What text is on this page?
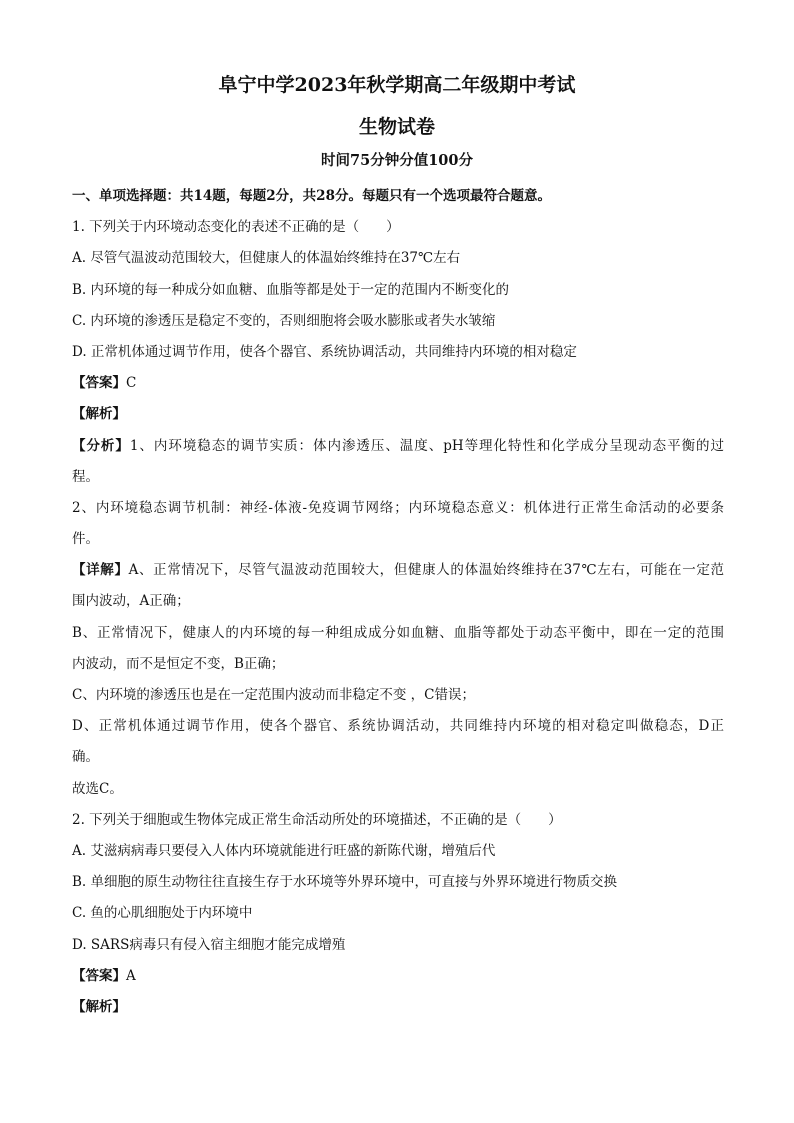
阜宁中学2023年秋学期高二年级期中考试
生物试卷
时间75分钟分值100分
一、单项选择题：共14题，每题2分，共28分。每题只有一个选项最符合题意。
1. 下列关于内环境动态变化的表述不正确的是（　　）
A. 尽管气温波动范围较大，但健康人的体温始终维持在37℃左右
B. 内环境的每一种成分如血糖、血脂等都是处于一定的范围内不断变化的
C. 内环境的渗透压是稳定不变的，否则细胞将会吸水膨胀或者失水皱缩
D. 正常机体通过调节作用，使各个器官、系统协调活动，共同维持内环境的相对稳定
【答案】C
【解析】
【分析】1、内环境稳态的调节实质：体内渗透压、温度、pH等理化特性和化学成分呈现动态平衡的过
程。
2、内环境稳态调节机制：神经-体液-免疫调节网络；内环境稳态意义：机体进行正常生命活动的必要条
件。
【详解】A、正常情况下，尽管气温波动范围较大，但健康人的体温始终维持在37℃左右，可能在一定范
围内波动，A正确；
B、正常情况下，健康人的内环境的每一种组成成分如血糖、血脂等都处于动态平衡中，即在一定的范围
内波动，而不是恒定不变，B正确；
C、内环境的渗透压也是在一定范围内波动而非稳定不变 ，C错误；
D、正常机体通过调节作用，使各个器官、系统协调活动，共同维持内环境的相对稳定叫做稳态，D正
确。
故选C。
2. 下列关于细胞或生物体完成正常生命活动所处的环境描述，不正确的是（　　）
A. 艾滋病病毒只要侵入人体内环境就能进行旺盛的新陈代谢，增殖后代
B. 单细胞的原生动物往往直接生存于水环境等外界环境中，可直接与外界环境进行物质交换
C. 鱼的心肌细胞处于内环境中
D. SARS病毒只有侵入宿主细胞才能完成增殖
【答案】A
【解析】
